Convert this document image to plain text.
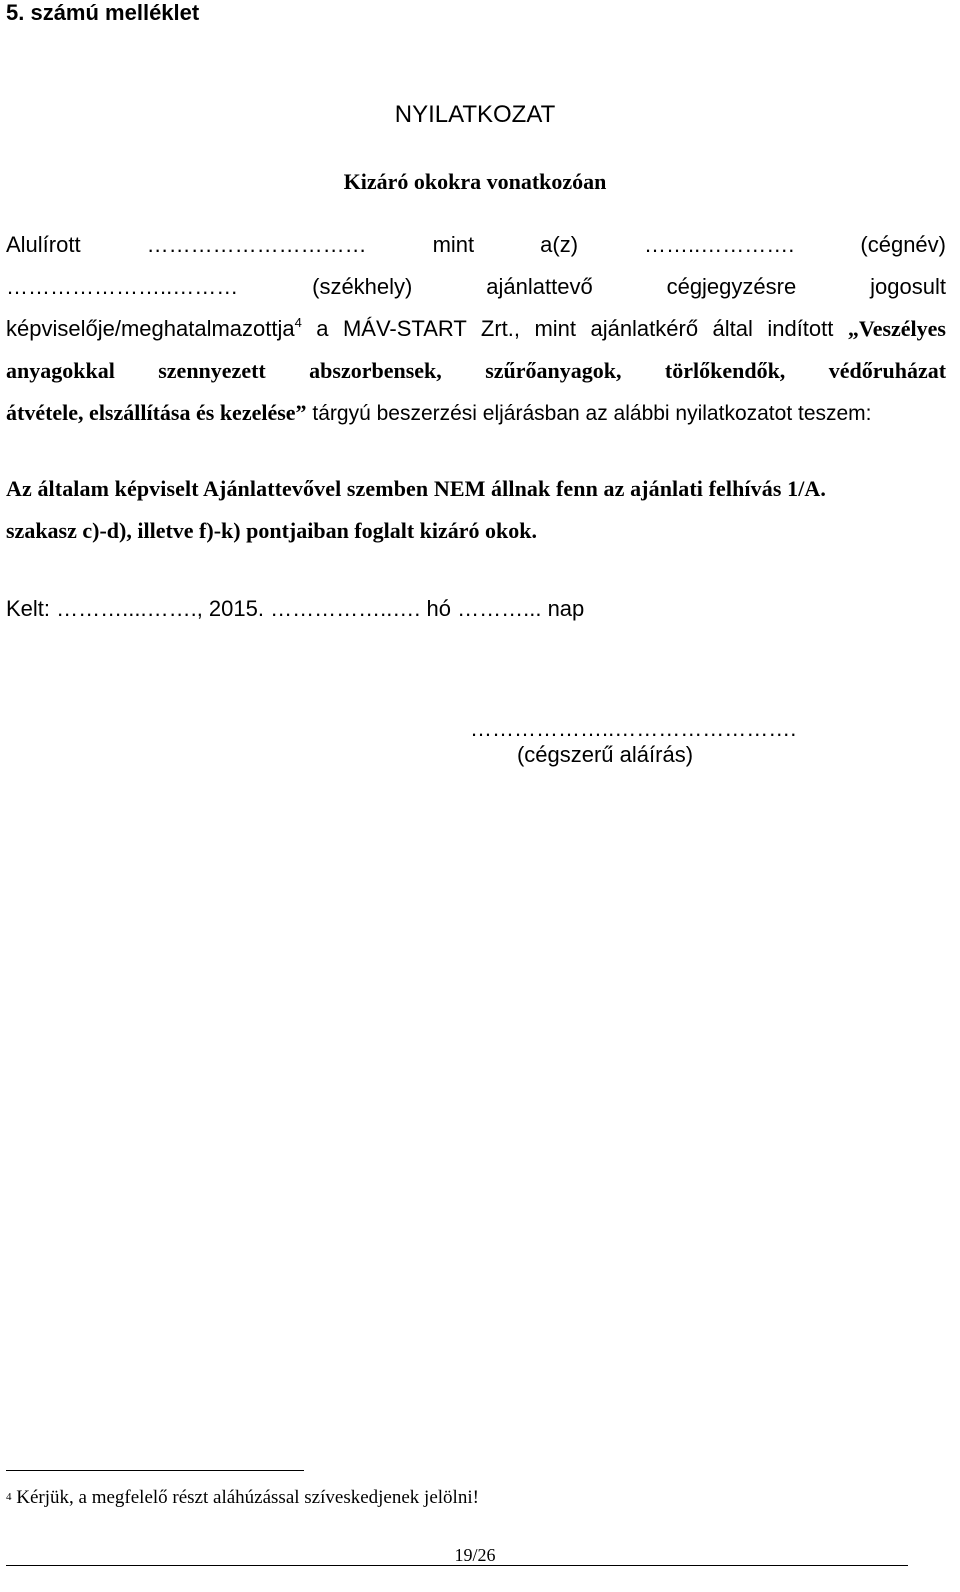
5. számú melléklet
NYILATKOZAT
Kizáró okokra vonatkozóan
Alulírott	…………………………	mint	a(z)	……..………….	(cégnév)
…………………..………	(székhely)	ajánlattevő	cégjegyzésre	jogosult
képviselője/meghatalmazottja$^4$ a MÁV-START Zrt., mint ajánlatkérő által indított „Veszélyes
anyagokkal szennyezett abszorbensek, szűrőanyagok, törlőkendők, védőruházat
átvétele, elszállítása és kezelése” tárgyú beszerzési eljárásban az alábbi nyilatkozatot teszem:
Az általam képviselt Ajánlattevővel szemben NEM állnak fenn az ajánlati felhívás 1/A.
szakasz c)-d), illetve f)-k) pontjaiban foglalt kizáró okok.
Kelt: ………....……., 2015. ……………..…. hó ………... nap
………………..…………………….
(cégszerű aláírás)
$^4$ Kérjük, a megfelelő részt aláhúzással szíveskedjenek jelölni!
19/26
